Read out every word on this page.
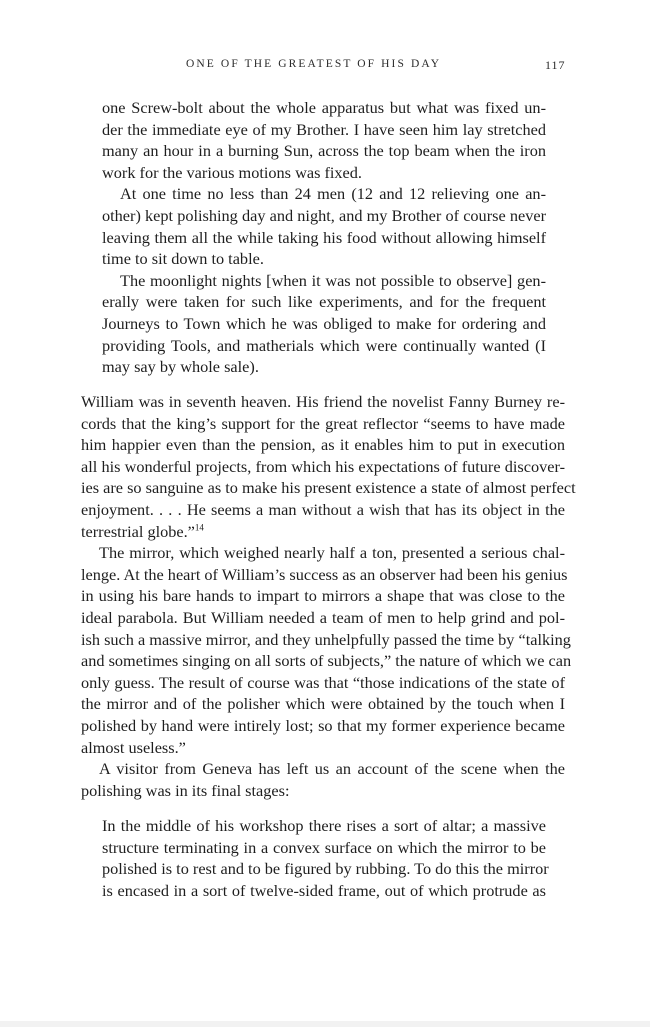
ONE OF THE GREATEST OF HIS DAY	117
one Screw-bolt about the whole apparatus but what was fixed un-
der the immediate eye of my Brother. I have seen him lay stretched
many an hour in a burning Sun, across the top beam when the iron
work for the various motions was fixed.
At one time no less than 24 men (12 and 12 relieving one an-
other) kept polishing day and night, and my Brother of course never
leaving them all the while taking his food without allowing himself
time to sit down to table.
The moonlight nights [when it was not possible to observe] gen-
erally were taken for such like experiments, and for the frequent
Journeys to Town which he was obliged to make for ordering and
providing Tools, and matherials which were continually wanted (I
may say by whole sale).
William was in seventh heaven. His friend the novelist Fanny Burney re-
cords that the king’s support for the great reflector “seems to have made
him happier even than the pension, as it enables him to put in execution
all his wonderful projects, from which his expectations of future discover-
ies are so sanguine as to make his present existence a state of almost perfect
enjoyment. . . . He seems a man without a wish that has its object in the
terrestrial globe.”$^{14}$
The mirror, which weighed nearly half a ton, presented a serious chal-
lenge. At the heart of William’s success as an observer had been his genius
in using his bare hands to impart to mirrors a shape that was close to the
ideal parabola. But William needed a team of men to help grind and pol-
ish such a massive mirror, and they unhelpfully passed the time by “talking
and sometimes singing on all sorts of subjects,” the nature of which we can
only guess. The result of course was that “those indications of the state of
the mirror and of the polisher which were obtained by the touch when I
polished by hand were intirely lost; so that my former experience became
almost useless.”
A visitor from Geneva has left us an account of the scene when the
polishing was in its final stages:
In the middle of his workshop there rises a sort of altar; a massive
structure terminating in a convex surface on which the mirror to be
polished is to rest and to be figured by rubbing. To do this the mirror
is encased in a sort of twelve-sided frame, out of which protrude as
